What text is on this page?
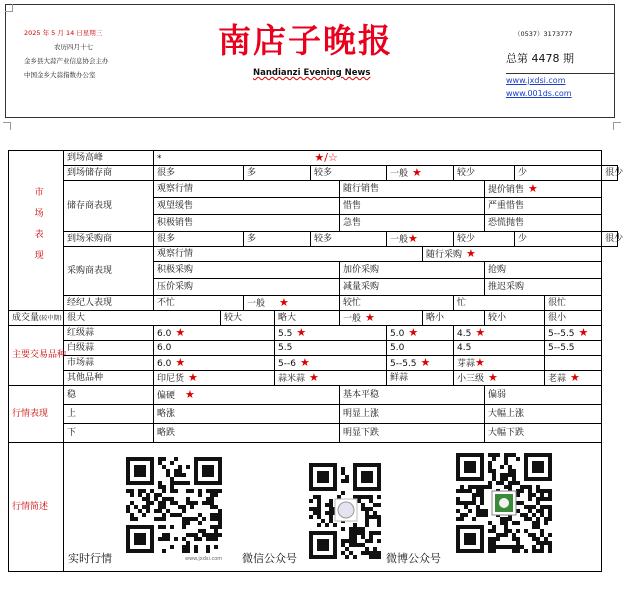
2025 年 5 月 14 日星期三
农历四月十七
金乡县大蒜产业信息协会主办
中国金乡大蒜指数办公室
南店子晚报
Nandianzi Evening News
（0537）3173777
总第 4478 期
www.jxdsi.com
www.001ds.com
市场表现	到场高峰	* ★/☆												
	到场储存商	很多		多		较多		一般 ★		较少		少		很少
	储存商表现	观察行情					随行销售				提价销售 ★			
		观望缓售					惜售				严重惜售			
		积极销售					急售				恐慌抛售			
	到场采购商	很多		多		较多		一般★		较少		少		很少
	采购商表现	观察行情							随行采购 ★					
		积极采购					加价采购				抢购			
		压价采购					减量采购				推迟采购			
	经纪人表现	不忙		一般 ★			较忙			忙			很忙	
成交量(较中期)	很大		较大		略大		一般 ★		略小		较小		很小	
主要交易品种	红级蒜	6.0 ★			5.5 ★			5.0 ★		4.5 ★			5--5.5 ★	
	白级蒜	6.0			5.5			5.0		4.5			5--5.5	
	市场蒜	6.0 ★			5--6 ★			5--5.5 ★		芽蒜★				
	其他品种	印尼货 ★			蒜米蒜 ★			鲜蒜		小三级 ★			老蒜 ★	
行情表现	稳	偏硬 ★					基本平稳				偏弱			
	上	略涨					明显上涨				大幅上涨			
	下	略跌					明显下跌				大幅下跌			
行情简述	www.jxdsi.com
实时行情 微信公众号 微博公众号													
